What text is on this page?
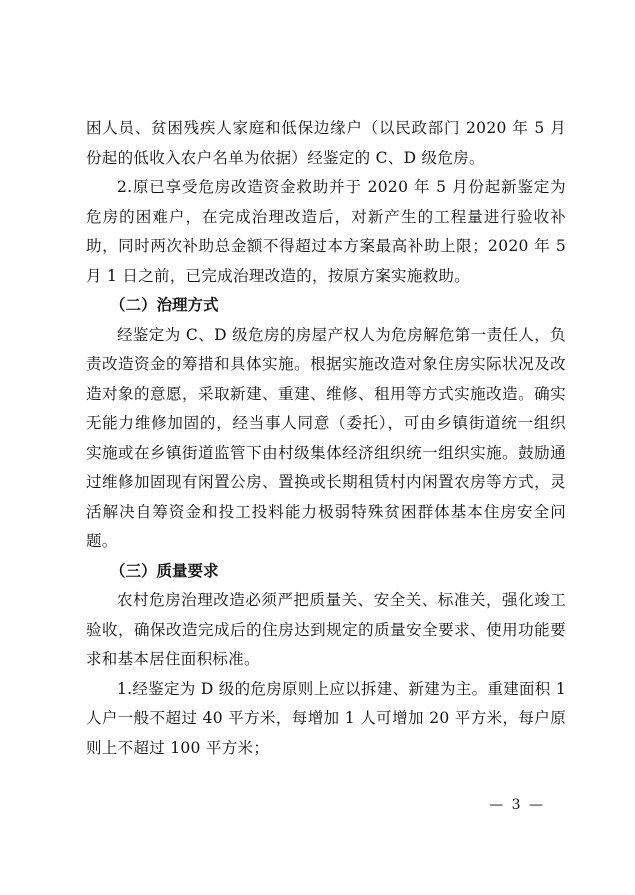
困人员、贫困残疾人家庭和低保边缘户（以民政部门 2020 年 5 月份起的低收入农户名单为依据）经鉴定的 C、D 级危房。

2.原已享受危房改造资金救助并于 2020 年 5 月份起新鉴定为危房的困难户，在完成治理改造后，对新产生的工程量进行验收补助，同时两次补助总金额不得超过本方案最高补助上限；2020 年 5 月 1 日之前，已完成治理改造的，按原方案实施救助。

（二）治理方式

经鉴定为 C、D 级危房的房屋产权人为危房解危第一责任人，负责改造资金的筹措和具体实施。根据实施改造对象住房实际状况及改造对象的意愿，采取新建、重建、维修、租用等方式实施改造。确实无能力维修加固的，经当事人同意（委托），可由乡镇街道统一组织实施或在乡镇街道监管下由村级集体经济组织统一组织实施。鼓励通过维修加固现有闲置公房、置换或长期租赁村内闲置农房等方式，灵活解决自筹资金和投工投料能力极弱特殊贫困群体基本住房安全问题。

（三）质量要求

农村危房治理改造必须严把质量关、安全关、标准关，强化竣工验收，确保改造完成后的住房达到规定的质量安全要求、使用功能要求和基本居住面积标准。

1.经鉴定为 D 级的危房原则上应以拆建、新建为主。重建面积 1 人户一般不超过 40 平方米，每增加 1 人可增加 20 平方米，每户原则上不超过 100 平方米；

— 3 —
